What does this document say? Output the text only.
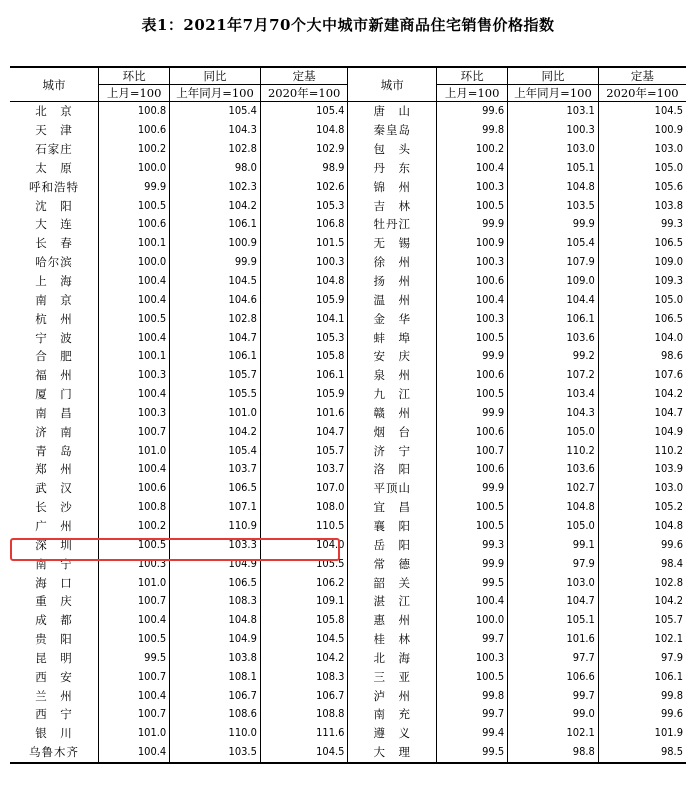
表1：2021年7月70个大中城市新建商品住宅销售价格指数
城市	环比	同比	定基	城市	环比	同比	定基
	上月=100	上年同月=100	2020年=100		上月=100	上年同月=100	2020年=100
北　京	100.8	105.4	105.4	唐　山	99.6	103.1	104.5
天　津	100.6	104.3	104.8	秦皇岛	99.8	100.3	100.9
石家庄	100.2	102.8	102.9	包　头	100.2	103.0	103.0
太　原	100.0	98.0	98.9	丹　东	100.4	105.1	105.0
呼和浩特	99.9	102.3	102.6	锦　州	100.3	104.8	105.6
沈　阳	100.5	104.2	105.3	吉　林	100.5	103.5	103.8
大　连	100.6	106.1	106.8	牡丹江	99.9	99.9	99.3
长　春	100.1	100.9	101.5	无　锡	100.9	105.4	106.5
哈尔滨	100.0	99.9	100.3	徐　州	100.3	107.9	109.0
上　海	100.4	104.5	104.8	扬　州	100.6	109.0	109.3
南　京	100.4	104.6	105.9	温　州	100.4	104.4	105.0
杭　州	100.5	102.8	104.1	金　华	100.3	106.1	106.5
宁　波	100.4	104.7	105.3	蚌　埠	100.5	103.6	104.0
合　肥	100.1	106.1	105.8	安　庆	99.9	99.2	98.6
福　州	100.3	105.7	106.1	泉　州	100.6	107.2	107.6
厦　门	100.4	105.5	105.9	九　江	100.5	103.4	104.2
南　昌	100.3	101.0	101.6	赣　州	99.9	104.3	104.7
济　南	100.7	104.2	104.7	烟　台	100.6	105.0	104.9
青　岛	101.0	105.4	105.7	济　宁	100.7	110.2	110.2
郑　州	100.4	103.7	103.7	洛　阳	100.6	103.6	103.9
武　汉	100.6	106.5	107.0	平顶山	99.9	102.7	103.0
长　沙	100.8	107.1	108.0	宜　昌	100.5	104.8	105.2
广　州	100.2	110.9	110.5	襄　阳	100.5	105.0	104.8
深　圳	100.5	103.3	104.0	岳　阳	99.3	99.1	99.6
南　宁	100.3	104.9	105.5	常　德	99.9	97.9	98.4
海　口	101.0	106.5	106.2	韶　关	99.5	103.0	102.8
重　庆	100.7	108.3	109.1	湛　江	100.4	104.7	104.2
成　都	100.4	104.8	105.8	惠　州	100.0	105.1	105.7
贵　阳	100.5	104.9	104.5	桂　林	99.7	101.6	102.1
昆　明	99.5	103.8	104.2	北　海	100.3	97.7	97.9
西　安	100.7	108.1	108.3	三　亚	100.5	106.6	106.1
兰　州	100.4	106.7	106.7	泸　州	99.8	99.7	99.8
西　宁	100.7	108.6	108.8	南　充	99.7	99.0	99.6
银　川	101.0	110.0	111.6	遵　义	99.4	102.1	101.9
乌鲁木齐	100.4	103.5	104.5	大　理	99.5	98.8	98.5
